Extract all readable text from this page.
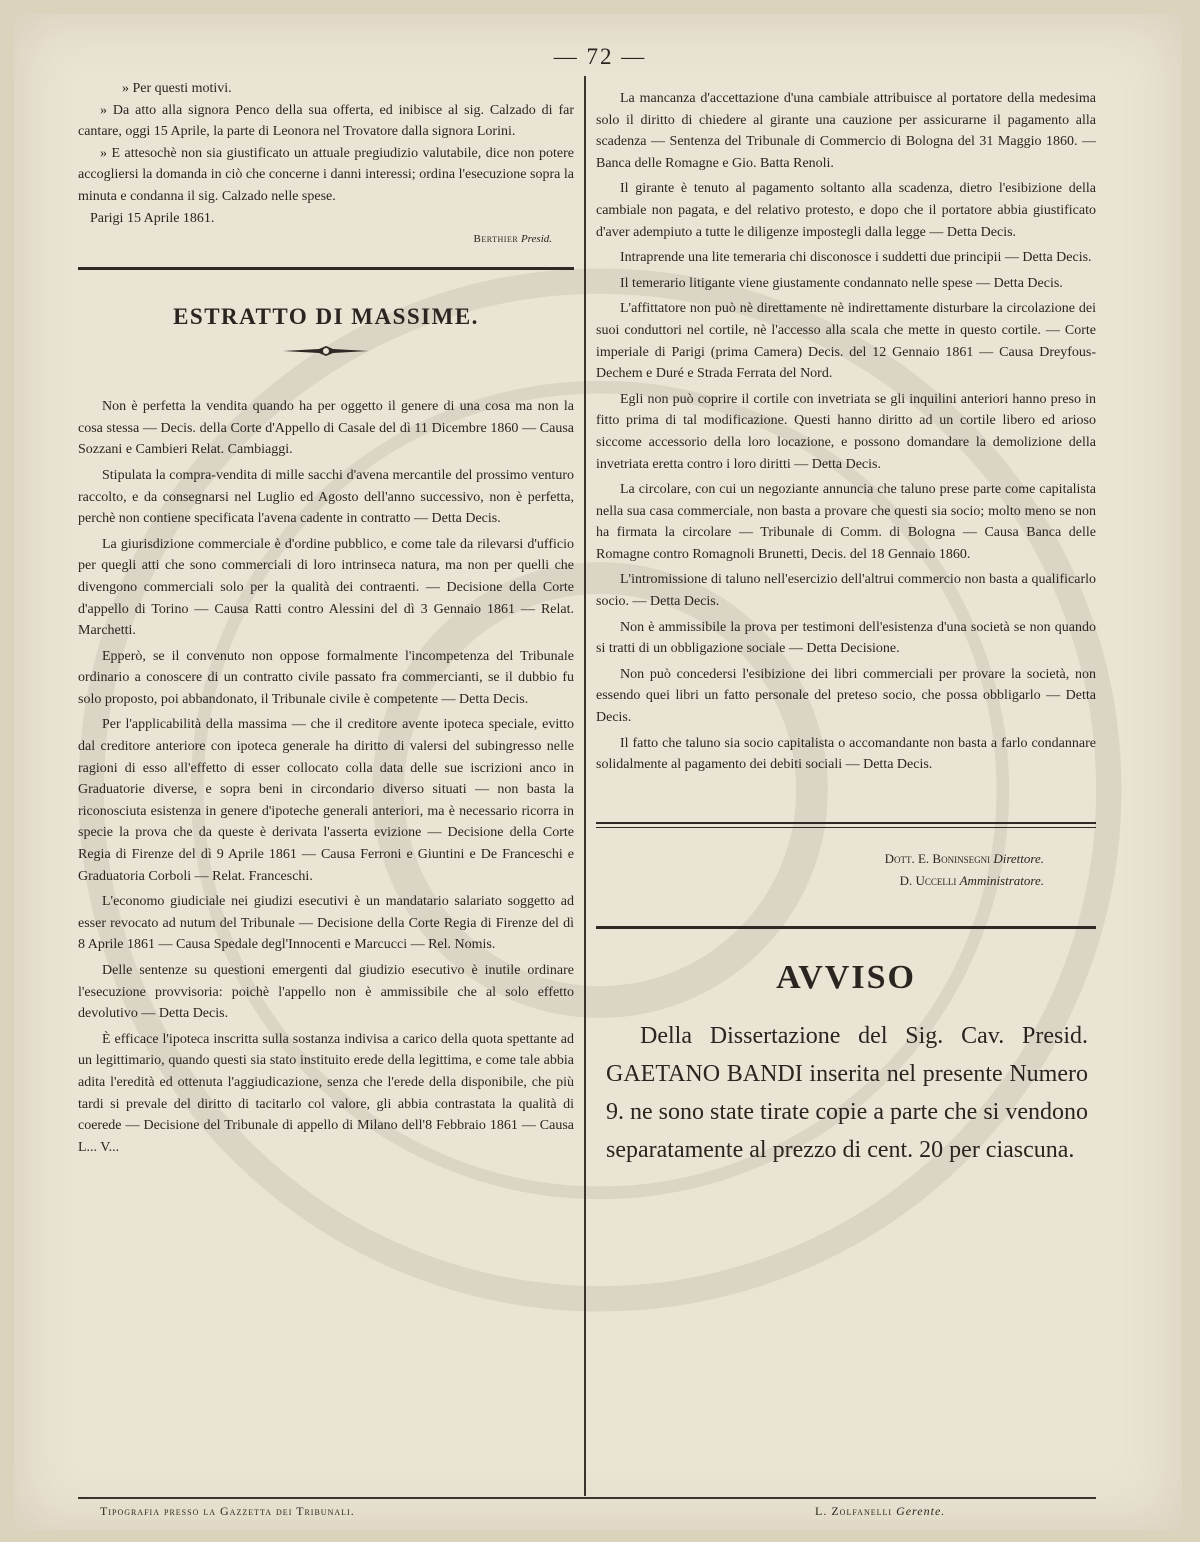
— 72 —

» Per questi motivi.

» Da atto alla signora Penco della sua offerta, ed inibisce al sig. Calzado di far cantare, oggi 15 Aprile, la parte di Leonora nel Trovatore dalla signora Lorini.

» E attesochè non sia giustificato un attuale pregiudizio valutabile, dice non potere accogliersi la domanda in ciò che concerne i danni interessi; ordina l'esecuzione sopra la minuta e condanna il sig. Calzado nelle spese.

Parigi 15 Aprile 1861.

Berthier Presid.
ESTRATTO DI MASSIME.

Non è perfetta la vendita quando ha per oggetto il genere di una cosa ma non la cosa stessa — Decis. della Corte d'Appello di Casale del dì 11 Dicembre 1860 — Causa Sozzani e Cambieri Relat. Cambiaggi.

Stipulata la compra-vendita di mille sacchi d'avena mercantile del prossimo venturo raccolto, e da consegnarsi nel Luglio ed Agosto dell'anno successivo, non è perfetta, perchè non contiene specificata l'avena cadente in contratto — Detta Decis.

La giurisdizione commerciale è d'ordine pubblico, e come tale da rilevarsi d'ufficio per quegli atti che sono commerciali di loro intrinseca natura, ma non per quelli che divengono commerciali solo per la qualità dei contraenti. — Decisione della Corte d'appello di Torino — Causa Ratti contro Alessini del dì 3 Gennaio 1861 — Relat. Marchetti.

Epperò, se il convenuto non oppose formalmente l'incompetenza del Tribunale ordinario a conoscere di un contratto civile passato fra commercianti, se il dubbio fu solo proposto, poi abbandonato, il Tribunale civile è competente — Detta Decis.

Per l'applicabilità della massima — che il creditore avente ipoteca speciale, evitto dal creditore anteriore con ipoteca generale ha diritto di valersi del subingresso nelle ragioni di esso all'effetto di esser collocato colla data delle sue iscrizioni anco in Graduatorie diverse, e sopra beni in circondario diverso situati — non basta la riconosciuta esistenza in genere d'ipoteche generali anteriori, ma è necessario ricorra in specie la prova che da queste è derivata l'asserta evizione — Decisione della Corte Regia di Firenze del dì 9 Aprile 1861 — Causa Ferroni e Giuntini e De Franceschi e Graduatoria Corboli — Relat. Franceschi.

L'economo giudiciale nei giudizi esecutivi è un mandatario salariato soggetto ad esser revocato ad nutum del Tribunale — Decisione della Corte Regia di Firenze del dì 8 Aprile 1861 — Causa Spedale degl'Innocenti e Marcucci — Rel. Nomis.

Delle sentenze su questioni emergenti dal giudizio esecutivo è inutile ordinare l'esecuzione provvisoria: poichè l'appello non è ammissibile che al solo effetto devolutivo — Detta Decis.

È efficace l'ipoteca inscritta sulla sostanza indivisa a carico della quota spettante ad un legittimario, quando questi sia stato instituito erede della legittima, e come tale abbia adita l'eredità ed ottenuta l'aggiudicazione, senza che l'erede della disponibile, che più tardi si prevale del diritto di tacitarlo col valore, gli abbia contrastata la qualità di coerede — Decisione del Tribunale di appello di Milano dell'8 Febbraio 1861 — Causa L... V...

La mancanza d'accettazione d'una cambiale attribuisce al portatore della medesima solo il diritto di chiedere al girante una cauzione per assicurarne il pagamento alla scadenza — Sentenza del Tribunale di Commercio di Bologna del 31 Maggio 1860. — Banca delle Romagne e Gio. Batta Renoli.

Il girante è tenuto al pagamento soltanto alla scadenza, dietro l'esibizione della cambiale non pagata, e del relativo protesto, e dopo che il portatore abbia giustificato d'aver adempiuto a tutte le diligenze impostegli dalla legge — Detta Decis.

Intraprende una lite temeraria chi disconosce i suddetti due principii — Detta Decis.

Il temerario litigante viene giustamente condannato nelle spese — Detta Decis.

L'affittatore non può nè direttamente nè indirettamente disturbare la circolazione dei suoi conduttori nel cortile, nè l'accesso alla scala che mette in questo cortile. — Corte imperiale di Parigi (prima Camera) Decis. del 12 Gennaio 1861 — Causa Dreyfous-Dechem e Duré e Strada Ferrata del Nord.

Egli non può coprire il cortile con invetriata se gli inquilini anteriori hanno preso in fitto prima di tal modificazione. Questi hanno diritto ad un cortile libero ed arioso siccome accessorio della loro locazione, e possono domandare la demolizione della invetriata eretta contro i loro diritti — Detta Decis.

La circolare, con cui un negoziante annuncia che taluno prese parte come capitalista nella sua casa commerciale, non basta a provare che questi sia socio; molto meno se non ha firmata la circolare — Tribunale di Comm. di Bologna — Causa Banca delle Romagne contro Romagnoli Brunetti, Decis. del 18 Gennaio 1860.

L'intromissione di taluno nell'esercizio dell'altrui commercio non basta a qualificarlo socio. — Detta Decis.

Non è ammissibile la prova per testimoni dell'esistenza d'una società se non quando si tratti di un obbligazione sociale — Detta Decisione.

Non può concedersi l'esibizione dei libri commerciali per provare la società, non essendo quei libri un fatto personale del preteso socio, che possa obbligarlo — Detta Decis.

Il fatto che taluno sia socio capitalista o accomandante non basta a farlo condannare solidalmente al pagamento dei debiti sociali — Detta Decis.

Dott. E. Boninsegni Direttore.
D. Uccelli Amministratore.
AVVISO

Della Dissertazione del Sig. Cav. Presid. GAETANO BANDI inserita nel presente Numero 9. ne sono state tirate copie a parte che si vendono separatamente al prezzo di cent. 20 per ciascuna.

Tipografia presso la Gazzetta dei Tribunali.	L. Zolfanelli Gerente.
